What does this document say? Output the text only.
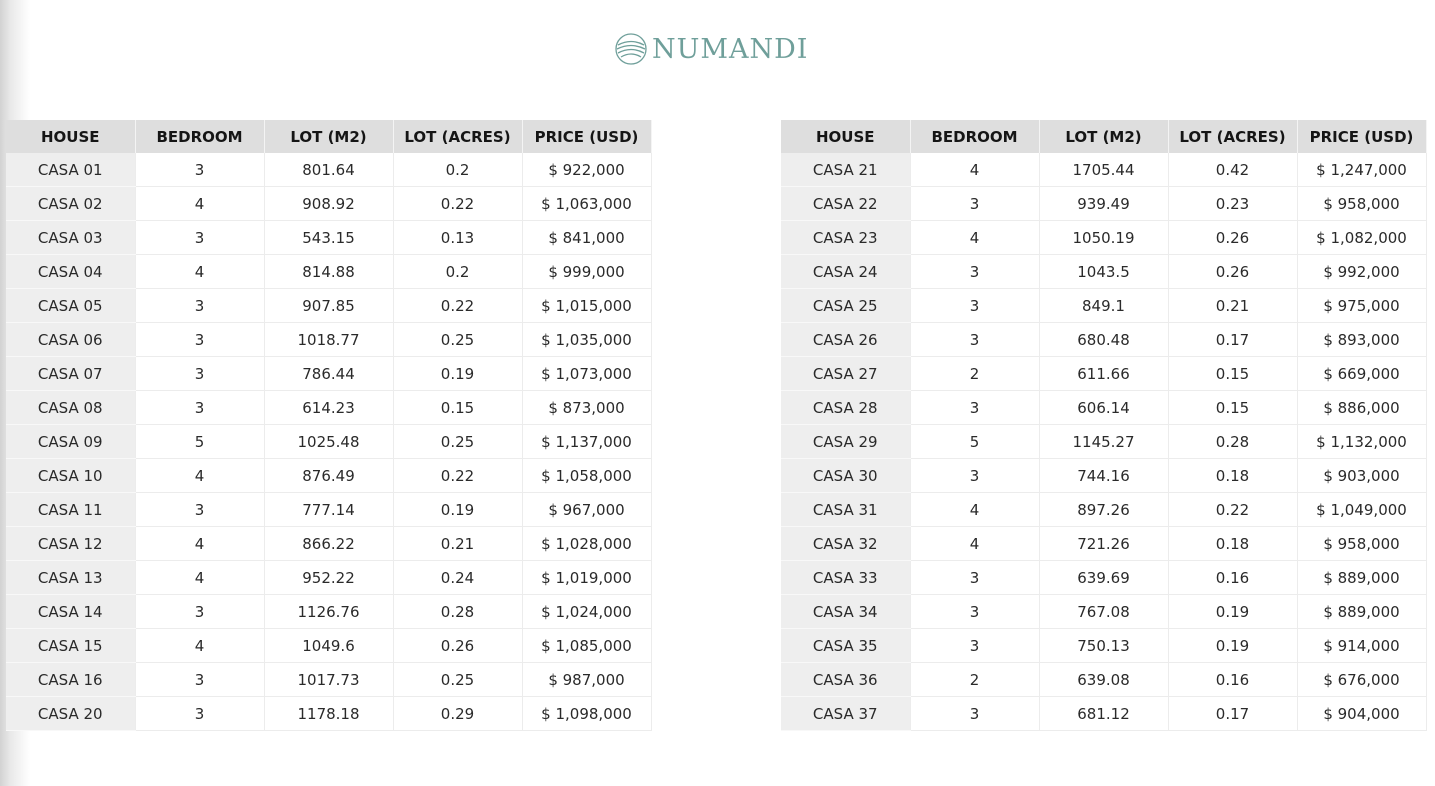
NUMANDI
HOUSE	BEDROOM	LOT (M2)	LOT (ACRES)	PRICE (USD)
CASA 01	3	801.64	0.2	$ 922,000
CASA 02	4	908.92	0.22	$ 1,063,000
CASA 03	3	543.15	0.13	$ 841,000
CASA 04	4	814.88	0.2	$ 999,000
CASA 05	3	907.85	0.22	$ 1,015,000
CASA 06	3	1018.77	0.25	$ 1,035,000
CASA 07	3	786.44	0.19	$ 1,073,000
CASA 08	3	614.23	0.15	$ 873,000
CASA 09	5	1025.48	0.25	$ 1,137,000
CASA 10	4	876.49	0.22	$ 1,058,000
CASA 11	3	777.14	0.19	$ 967,000
CASA 12	4	866.22	0.21	$ 1,028,000
CASA 13	4	952.22	0.24	$ 1,019,000
CASA 14	3	1126.76	0.28	$ 1,024,000
CASA 15	4	1049.6	0.26	$ 1,085,000
CASA 16	3	1017.73	0.25	$ 987,000
CASA 20	3	1178.18	0.29	$ 1,098,000
HOUSE	BEDROOM	LOT (M2)	LOT (ACRES)	PRICE (USD)
CASA 21	4	1705.44	0.42	$ 1,247,000
CASA 22	3	939.49	0.23	$ 958,000
CASA 23	4	1050.19	0.26	$ 1,082,000
CASA 24	3	1043.5	0.26	$ 992,000
CASA 25	3	849.1	0.21	$ 975,000
CASA 26	3	680.48	0.17	$ 893,000
CASA 27	2	611.66	0.15	$ 669,000
CASA 28	3	606.14	0.15	$ 886,000
CASA 29	5	1145.27	0.28	$ 1,132,000
CASA 30	3	744.16	0.18	$ 903,000
CASA 31	4	897.26	0.22	$ 1,049,000
CASA 32	4	721.26	0.18	$ 958,000
CASA 33	3	639.69	0.16	$ 889,000
CASA 34	3	767.08	0.19	$ 889,000
CASA 35	3	750.13	0.19	$ 914,000
CASA 36	2	639.08	0.16	$ 676,000
CASA 37	3	681.12	0.17	$ 904,000
